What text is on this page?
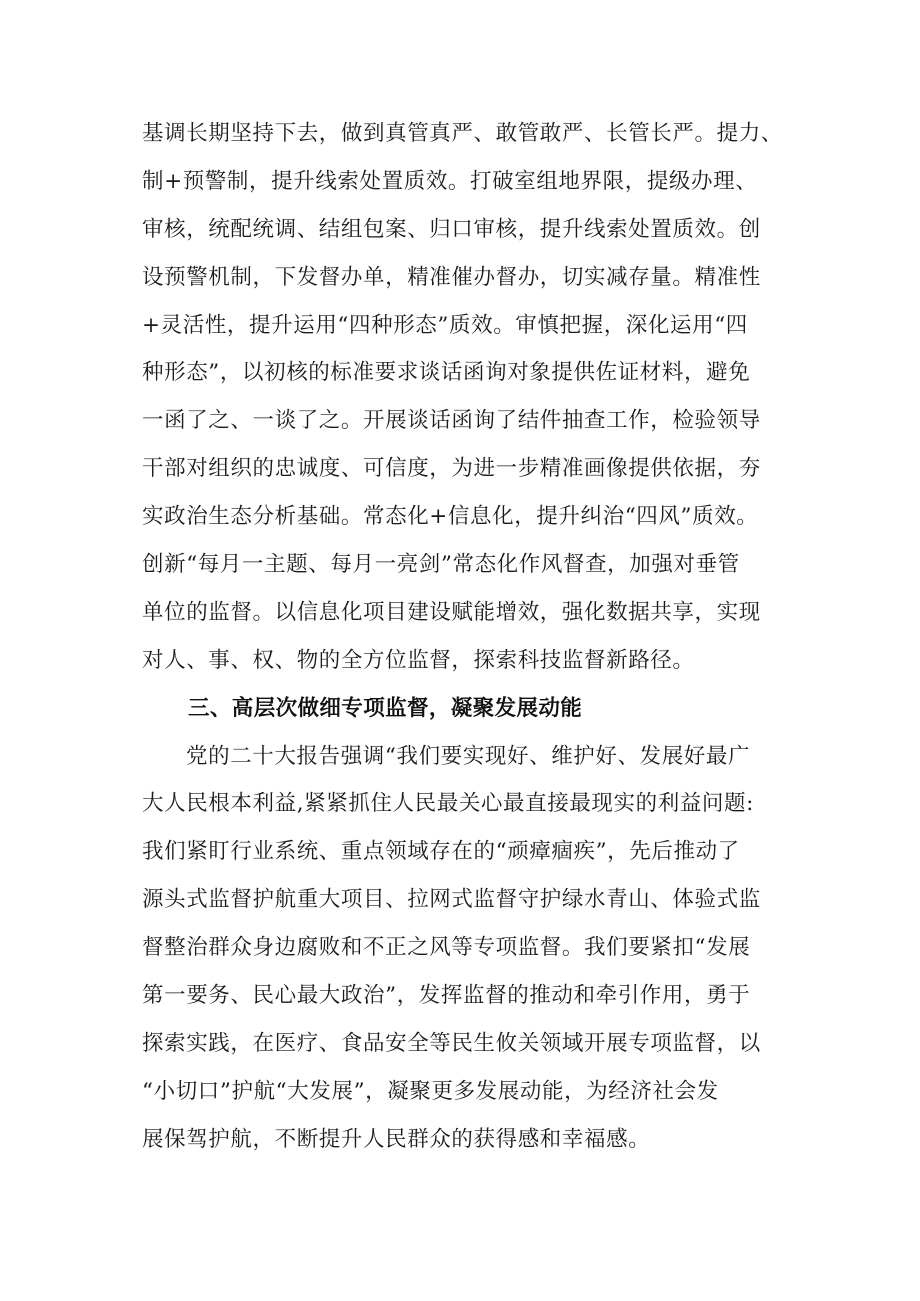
基调长期坚持下去，做到真管真严、敢管敢严、长管长严。提力、
制+预警制，提升线索处置质效。打破室组地界限，提级办理、
审核，统配统调、结组包案、归口审核，提升线索处置质效。创
设预警机制，下发督办单，精准催办督办，切实减存量。精准性
+灵活性，提升运用“四种形态”质效。审慎把握，深化运用“四
种形态”，以初核的标准要求谈话函询对象提供佐证材料，避免
一函了之、一谈了之。开展谈话函询了结件抽查工作，检验领导
干部对组织的忠诚度、可信度，为进一步精准画像提供依据，夯
实政治生态分析基础。常态化+信息化，提升纠治“四风”质效。
创新“每月一主题、每月一亮剑”常态化作风督查，加强对垂管
单位的监督。以信息化项目建设赋能增效，强化数据共享，实现
对人、事、权、物的全方位监督，探索科技监督新路径。
三、高层次做细专项监督，凝聚发展动能
党的二十大报告强调“我们要实现好、维护好、发展好最广
大人民根本利益,紧紧抓住人民最关心最直接最现实的利益问题:
我们紧盯行业系统、重点领域存在的“顽瘴痼疾”，先后推动了
源头式监督护航重大项目、拉网式监督守护绿水青山、体验式监
督整治群众身边腐败和不正之风等专项监督。我们要紧扣“发展
第一要务、民心最大政治”，发挥监督的推动和牵引作用，勇于
探索实践，在医疗、食品安全等民生攸关领域开展专项监督，以
“小切口”护航“大发展”，凝聚更多发展动能，为经济社会发
展保驾护航，不断提升人民群众的获得感和幸福感。
